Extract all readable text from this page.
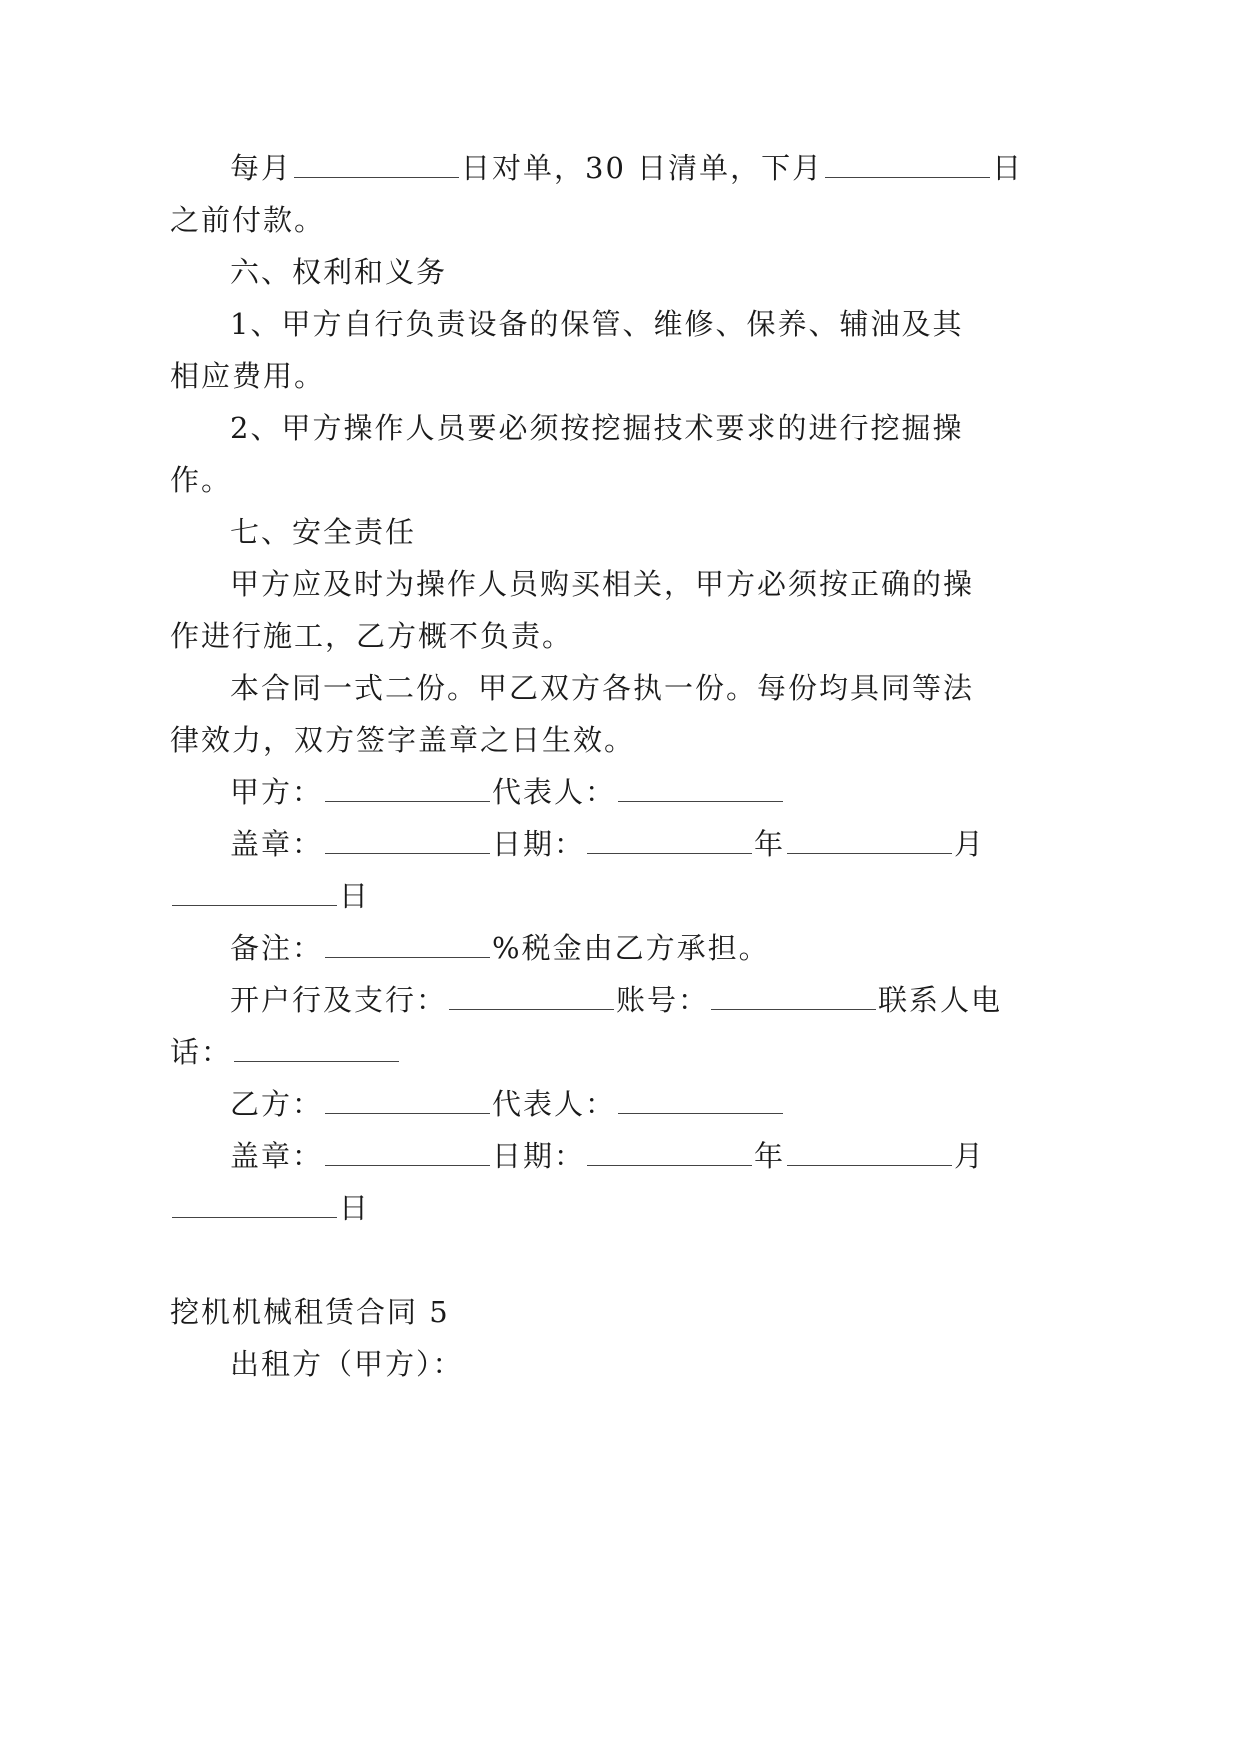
每月	日对单，30 日清单，下月	日
之前付款。
六、权利和义务
1、甲方自行负责设备的保管、维修、保养、辅油及其
相应费用。
2、甲方操作人员要必须按挖掘技术要求的进行挖掘操
作。
七、安全责任
甲方应及时为操作人员购买相关，甲方必须按正确的操
作进行施工，乙方概不负责。
本合同一式二份。甲乙双方各执一份。每份均具同等法
律效力，双方签字盖章之日生效。
甲方：	代表人：
盖章：	日期：	年	月
日
备注：	%税金由乙方承担。
开户行及支行：	账号：	联系人电
话：
乙方：	代表人：
盖章：	日期：	年	月
日
挖机机械租赁合同 5
出租方（甲方）：
